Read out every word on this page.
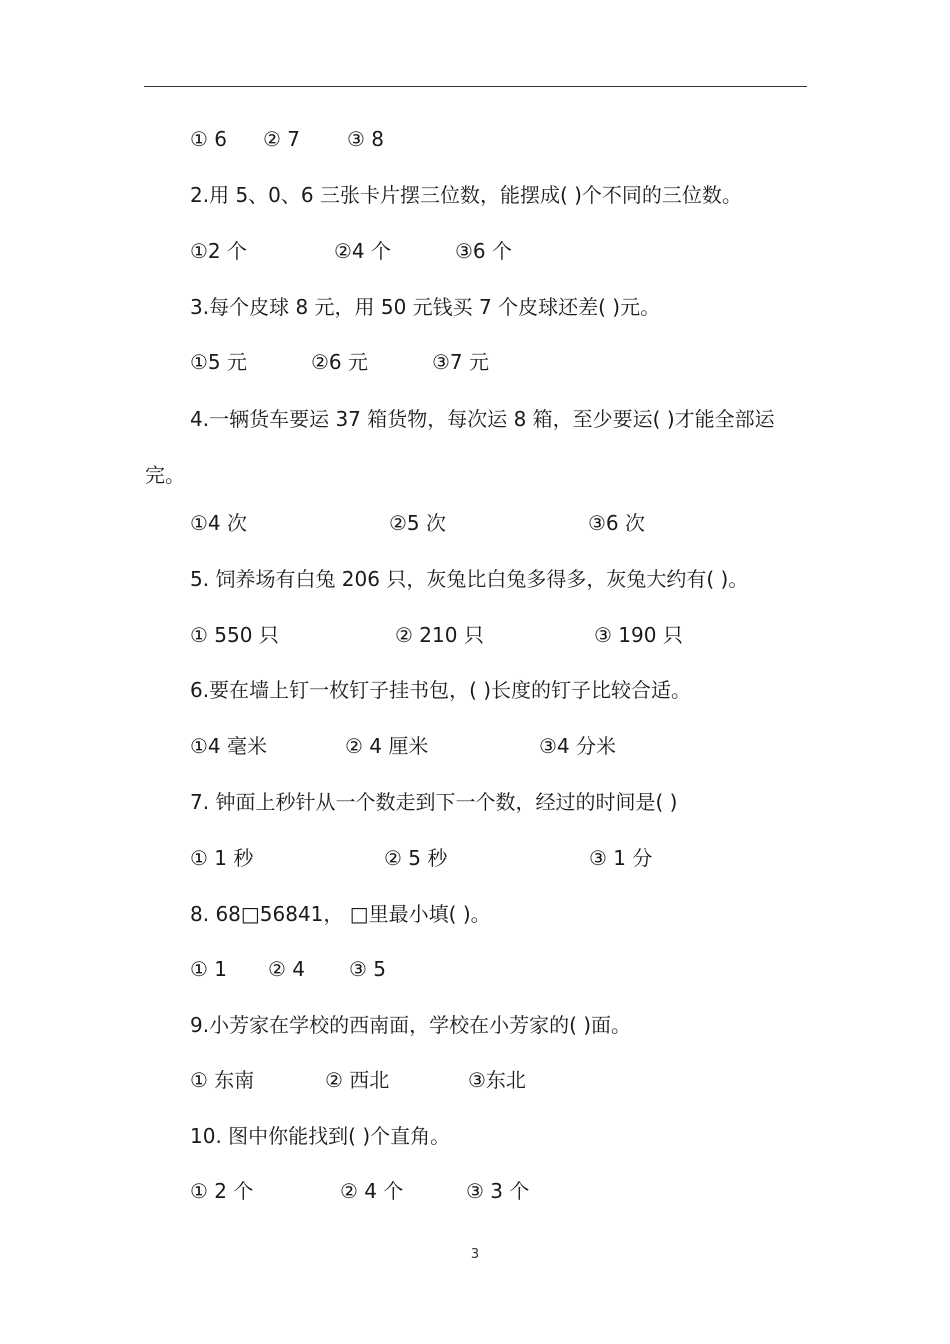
① 6 ② 7 ③ 8
2.用 5、0、6 三张卡片摆三位数，能摆成( )个不同的三位数。
①2 个	②4 个	③6 个
3.每个皮球 8 元，用 50 元钱买 7 个皮球还差( )元。
①5 元	②6 元	③7 元
4.一辆货车要运 37 箱货物，每次运 8 箱，至少要运( )才能全部运完。
①4 次	②5 次	③6 次
5. 饲养场有白兔 206 只，灰兔比白兔多得多，灰兔大约有( )。
① 550 只	② 210 只	③ 190 只
6.要在墙上钉一枚钉子挂书包，( )长度的钉子比较合适。
①4 毫米	② 4 厘米	③4 分米
7. 钟面上秒针从一个数走到下一个数，经过的时间是( )
① 1 秒	② 5 秒	③ 1 分
8. 68□56841， □里最小填( )。
① 1 ② 4 ③ 5
9.小芳家在学校的西南面，学校在小芳家的( )面。
① 东南	② 西北	③东北
10. 图中你能找到( )个直角。
① 2 个	② 4 个	③ 3 个
3
